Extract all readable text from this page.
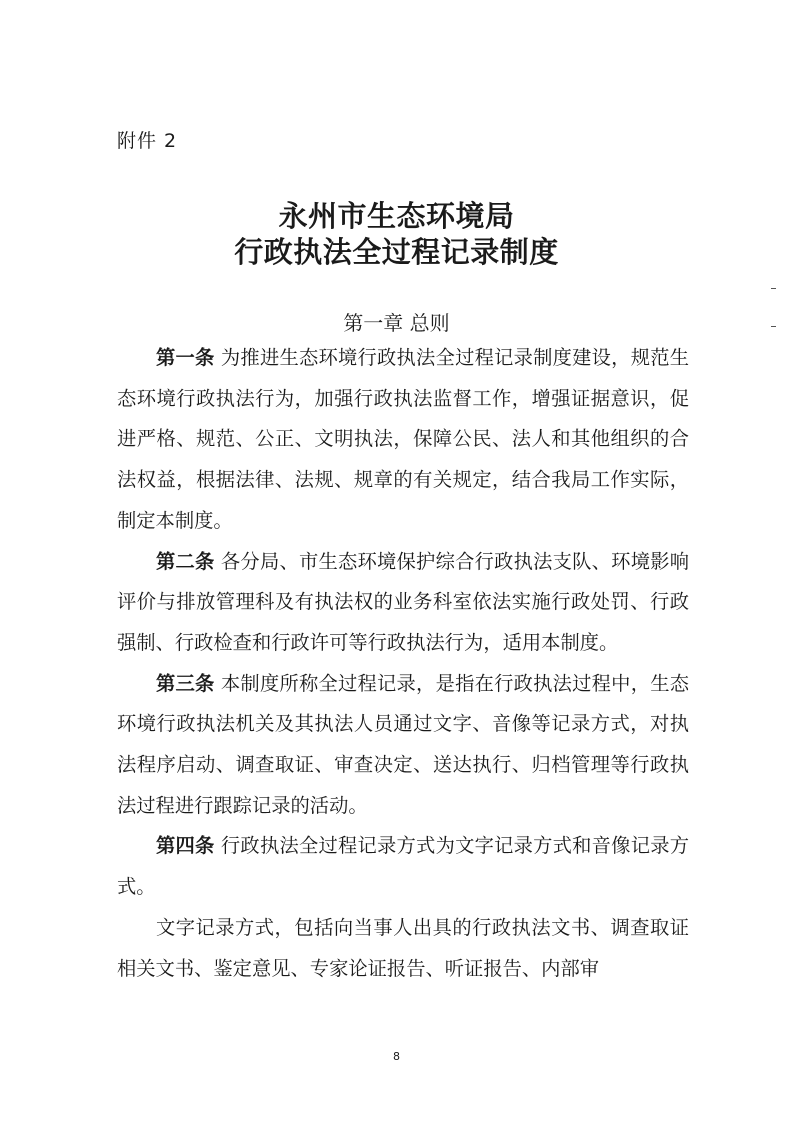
附件 2
永州市生态环境局
行政执法全过程记录制度
第一章 总则

第一条 为推进生态环境行政执法全过程记录制度建设，规范生态环境行政执法行为，加强行政执法监督工作，增强证据意识，促进严格、规范、公正、文明执法，保障公民、法人和其他组织的合法权益，根据法律、法规、规章的有关规定，结合我局工作实际，制定本制度。

第二条 各分局、市生态环境保护综合行政执法支队、环境影响评价与排放管理科及有执法权的业务科室依法实施行政处罚、行政强制、行政检查和行政许可等行政执法行为，适用本制度。

第三条 本制度所称全过程记录，是指在行政执法过程中，生态环境行政执法机关及其执法人员通过文字、音像等记录方式，对执法程序启动、调查取证、审查决定、送达执行、归档管理等行政执法过程进行跟踪记录的活动。

第四条 行政执法全过程记录方式为文字记录方式和音像记录方式。

文字记录方式，包括向当事人出具的行政执法文书、调查取证相关文书、鉴定意见、专家论证报告、听证报告、内部审

8
